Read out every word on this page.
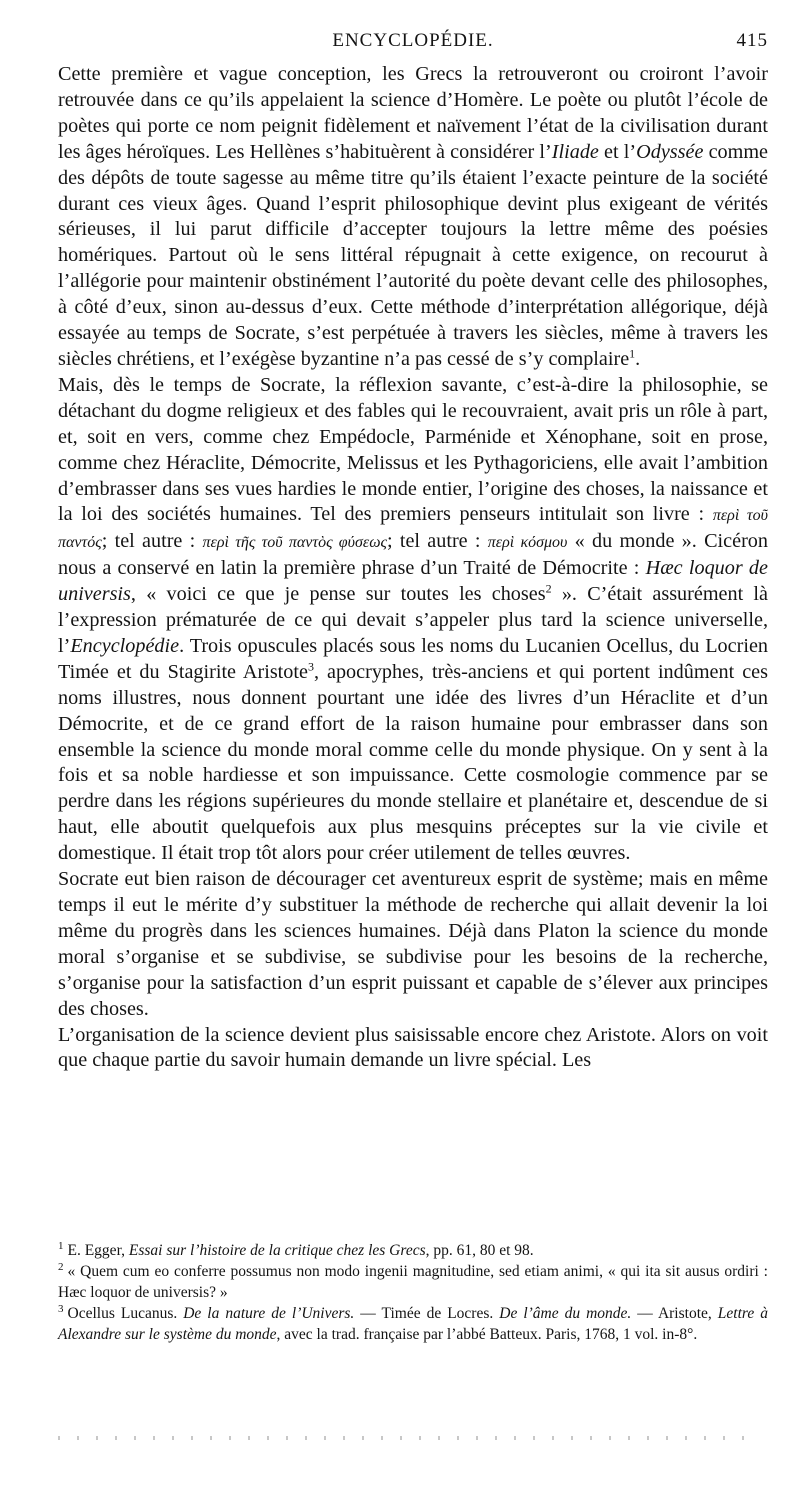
ENCYCLOPÉDIE.	415

Cette première et vague conception, les Grecs la retrouveront ou croiront l’avoir retrouvée dans ce qu’ils appelaient la science d’Homère. Le poète ou plutôt l’école de poètes qui porte ce nom peignit fidèlement et naïvement l’état de la civilisation durant les âges héroïques. Les Hellènes s’habituèrent à considérer l’Iliade et l’Odyssée comme des dépôts de toute sagesse au même titre qu’ils étaient l’exacte peinture de la société durant ces vieux âges. Quand l’esprit philosophique devint plus exigeant de vérités sérieuses, il lui parut difficile d’accepter toujours la lettre même des poésies homériques. Partout où le sens littéral répugnait à cette exigence, on recourut à l’allégorie pour maintenir obstinément l’autorité du poète devant celle des philosophes, à côté d’eux, sinon au-dessus d’eux. Cette méthode d’interprétation allégorique, déjà essayée au temps de Socrate, s’est perpétuée à travers les siècles, même à travers les siècles chrétiens, et l’exégèse byzantine n’a pas cessé de s’y complaire$^1$.

Mais, dès le temps de Socrate, la réflexion savante, c’est-à-dire la philosophie, se détachant du dogme religieux et des fables qui le recouvraient, avait pris un rôle à part, et, soit en vers, comme chez Empédocle, Parménide et Xénophane, soit en prose, comme chez Héraclite, Démocrite, Melissus et les Pythagoriciens, elle avait l’ambition d’embrasser dans ses vues hardies le monde entier, l’origine des choses, la naissance et la loi des sociétés humaines. Tel des premiers penseurs intitulait son livre : περὶ τοῦ παντός; tel autre : περὶ τῆς τοῦ παντὸς φύσεως; tel autre : περὶ κόσμου « du monde ». Cicéron nous a conservé en latin la première phrase d’un Traité de Démocrite : Hæc loquor de universis, « voici ce que je pense sur toutes les choses$^2$ ». C’était assurément là l’expression prématurée de ce qui devait s’appeler plus tard la science universelle, l’Encyclopédie. Trois opuscules placés sous les noms du Lucanien Ocellus, du Locrien Timée et du Stagirite Aristote$^3$, apocryphes, très-anciens et qui portent indûment ces noms illustres, nous donnent pourtant une idée des livres d’un Héraclite et d’un Démocrite, et de ce grand effort de la raison humaine pour embrasser dans son ensemble la science du monde moral comme celle du monde physique. On y sent à la fois et sa noble hardiesse et son impuissance. Cette cosmologie commence par se perdre dans les régions supérieures du monde stellaire et planétaire et, descendue de si haut, elle aboutit quelquefois aux plus mesquins préceptes sur la vie civile et domestique. Il était trop tôt alors pour créer utilement de telles œuvres.

Socrate eut bien raison de décourager cet aventureux esprit de système; mais en même temps il eut le mérite d’y substituer la méthode de recherche qui allait devenir la loi même du progrès dans les sciences humaines. Déjà dans Platon la science du monde moral s’organise et se subdivise, se subdivise pour les besoins de la recherche, s’organise pour la satisfaction d’un esprit puissant et capable de s’élever aux principes des choses.

L’organisation de la science devient plus saisissable encore chez Aristote. Alors on voit que chaque partie du savoir humain demande un livre spécial. Les

$^1$ E. Egger, Essai sur l’histoire de la critique chez les Grecs, pp. 61, 80 et 98.

$^2$ « Quem cum eo conferre possumus non modo ingenii magnitudine, sed etiam animi, « qui ita sit ausus ordiri : Hæc loquor de universis? »

$^3$ Ocellus Lucanus. De la nature de l’Univers. — Timée de Locres. De l’âme du monde. — Aristote, Lettre à Alexandre sur le système du monde, avec la trad. française par l’abbé Batteux. Paris, 1768, 1 vol. in-8°.
